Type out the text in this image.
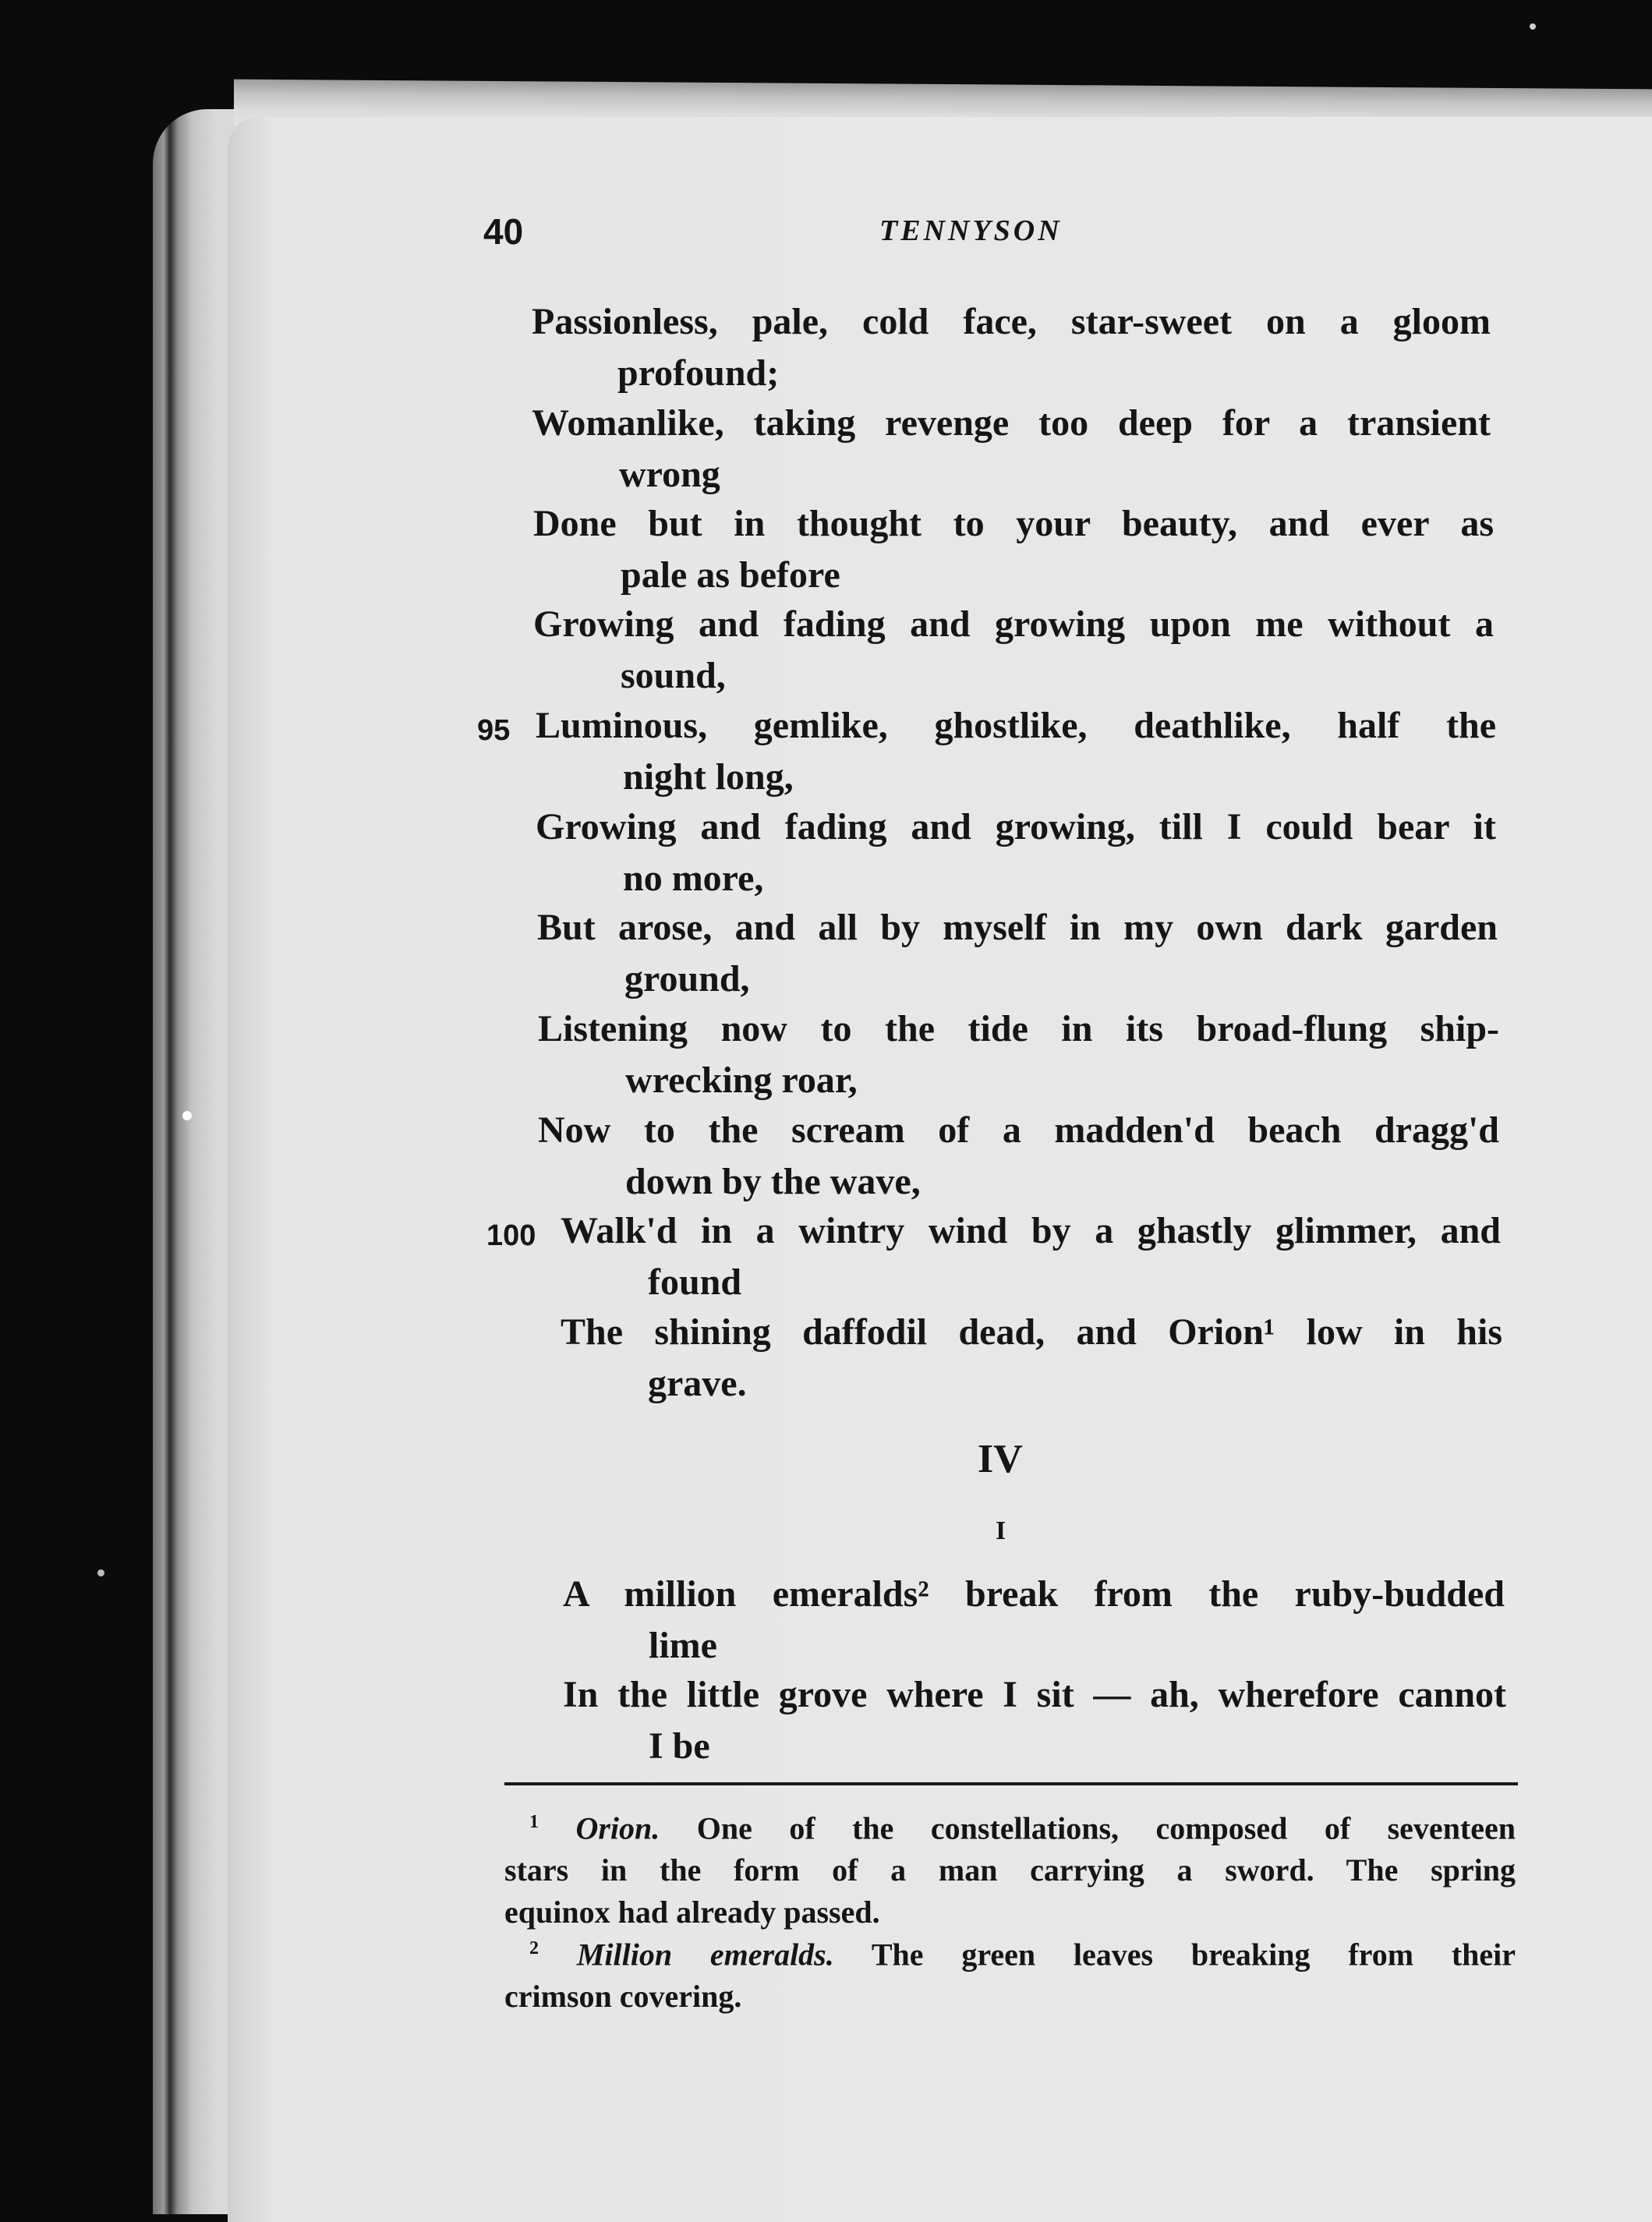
40	TENNYSON
Passionless, pale, cold face, star-sweet on a gloom
profound;
Womanlike, taking revenge too deep for a transient
wrong
Done but in thought to your beauty, and ever as
pale as before
Growing and fading and growing upon me without a
sound,
95 Luminous, gemlike, ghostlike, deathlike, half the
night long,
Growing and fading and growing, till I could bear it
no more,
But arose, and all by myself in my own dark garden
ground,
Listening now to the tide in its broad-flung ship-
wrecking roar,
Now to the scream of a madden'd beach dragg'd
down by the wave,
100 Walk'd in a wintry wind by a ghastly glimmer, and
found
The shining daffodil dead, and Orion¹ low in his
grave.
IV
I
A million emeralds² break from the ruby-budded
lime
In the little grove where I sit — ah, wherefore cannot
I be
$^1$ Orion. One of the constellations, composed of seventeen
stars in the form of a man carrying a sword. The spring
equinox had already passed.
$^2$ Million emeralds. The green leaves breaking from their
crimson covering.
